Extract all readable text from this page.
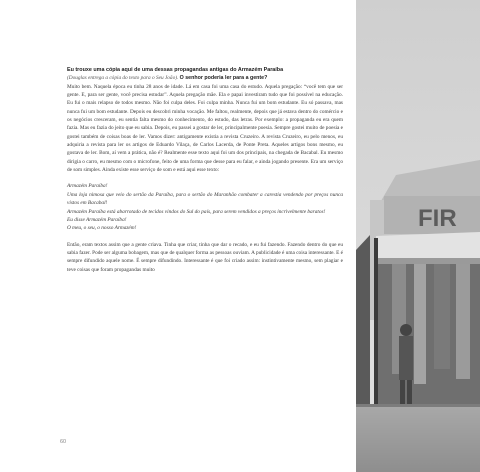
Eu trouxe uma cópia aqui de uma dessas propagandas antigas do Armazém Paraíba
(Douglas entrega a cópia do texto para o Seu João). O senhor poderia ler para a gente?
Muito bem. Naquela época eu tinha 28 anos de idade. Lá em casa foi uma casa do estudo. Aquela pregação: “você tem que ser gente. E, para ser gente, você precisa estudar”. Aquela pregação mãe. Ela e papai investiram tudo que foi possível na educação. Eu fui o mais relapso de todos mesmo. Não foi culpa deles. Foi culpa minha. Nunca fui um bom estudante. Eu só passava, mas nunca fui um bom estudante. Depois eu descobri minha vocação. Me faltou, realmente, depois que já estava dentro do comércio e os negócios cresceram, eu sentia falta mesmo do conhecimento, do estudo, das letras. Por exemplo: a propaganda eu era quem fazia. Mas eu fazia do jeito que eu sabia. Depois, eu passei a gostar de ler, principalmente poesia. Sempre gostei muito de poesia e gostei também de coisas boas de ler. Vamos dizer: antigamente existia a revista Cruzeiro. A revista Cruzeiro, eu pelo menos, eu adquiria a revista para ler os artigos de Eduardo Vilaça, de Carlos Lacerda, de Ponte Preta. Aqueles artigos bons mesmo, eu gostava de ler. Bom, aí vem a prática, não é? Realmente esse texto aqui foi um dos principais, na chegada de Bacabal. Eu mesmo dirigia o carro, eu mesmo com o microfone, feito de uma forma que desse para eu falar, e ainda jogando presente. Era um serviço de som simples. Ainda existe esse serviço de som e está aqui esse texto:

Armazém Paraíba!

Uma loja nimosa que veio do sertão da Paraíba, para o sertão do Maranhão combater a carestia vendendo por preços nunca vistos em Bacabal!

Armazém Paraíba está abarrotado de tecidos vindos do Sul do país, para serem vendidos a preços incrivelmente baratos!

Eu disse Armazém Paraíba!

O meu, o seu, o nosso Armazém!

Então, eram textos assim que a gente criava. Tinha que criar, tinha que dar o recado, e eu fui fazendo. Fazendo dentro do que eu sabia fazer. Pode ser alguma bobagem, mas que de qualquer forma as pessoas ouviam. A publicidade é uma coisa interessante. E é sempre difundido aquele nome. É sempre difundindo. Interessante é que foi criado assim: instintivamente mesmo, sem plagiar e teve coisas que foram propagandas muito

60
FIR
